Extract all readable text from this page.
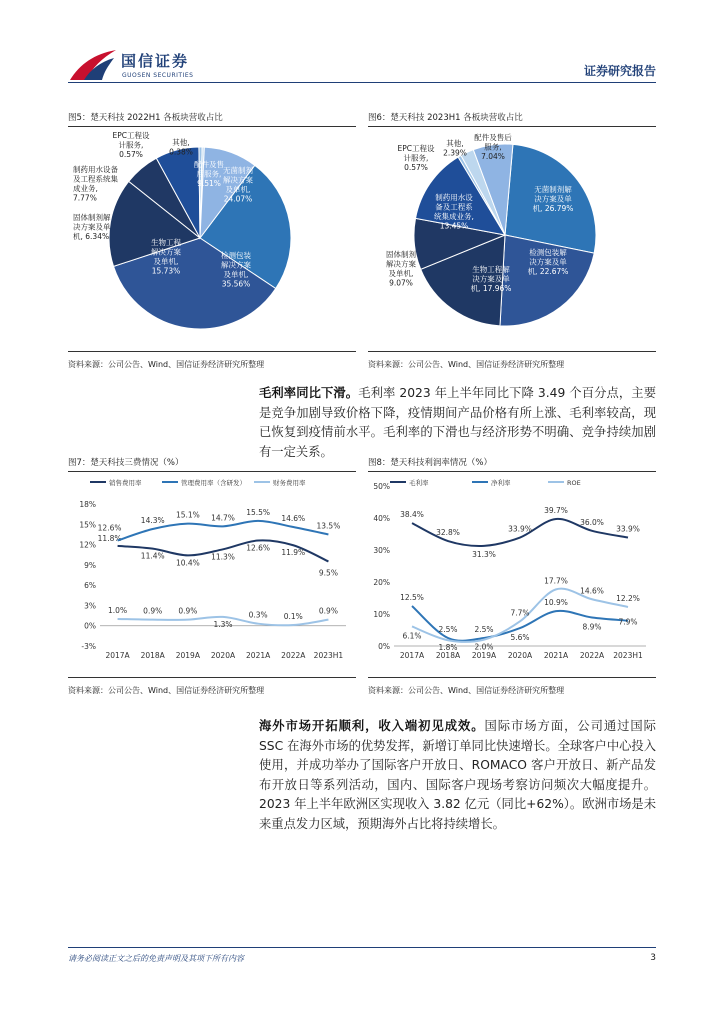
国信证券
GUOSEN SECURITIES	证券研究报告
图5：楚天科技 2022H1 各板块营收占比	图6：楚天科技 2023H1 各板块营收占比
无菌制剂解决方案及单机, 24.07%
检测包装解决方案及单机, 35.56%
生物工程解决方案及单机, 15.73%
固体制剂解决方案及单机, 6.34%
制药用水设备及工程系统集成业务, 7.77%
EPC工程设计服务, 0.57%
其他, 0.38%
配件及售后服务, 9.51%
无菌制剂解决方案及单机, 26.79%
检测包装解决方案及单机, 22.67%
生物工程解决方案及单机, 17.96%
固体制剂解决方案及单机, 9.07%
制药用水设备及工程系统集成业务, 13.45%
EPC工程设计服务, 0.57%
其他, 2.39%
配件及售后服务, 7.04%
资料来源：公司公告、Wind、国信证券经济研究所整理	资料来源：公司公告、Wind、国信证券经济研究所整理
毛利率同比下滑。毛利率 2023 年上半年同比下降 3.49 个百分点，主要是竞争加剧导致价格下降，疫情期间产品价格有所上涨、毛利率较高，现已恢复到疫情前水平。毛利率的下滑也与经济形势不明确、竞争持续加剧有一定关系。
图7：楚天科技三费情况（%）	图8：楚天科技利润率情况（%）
18%
15%
12%
9%
6%
3%
0%
-3%
2017A 2018A 2019A 2020A 2021A 2022A 2023H1
销售费用率	管理费用率（含研发）	财务费用率
11.8%
11.4%
10.4%
11.3%
12.6%
11.9%
9.5%
12.6%
14.3%
15.1% 14.7%
15.5%
14.6%
13.5%
1.0% 0.9% 0.9%
1.3%
0.3% 0.1%
0.9%
50%
40%
30%
20%
10%
0%
2017A 2018A 2019A 2020A 2021A 2022A 2023H1
毛利率	净利率	ROE
38.4%
32.8%
31.3%
33.9%
39.7%
36.0%
33.9%
12.5%
2.5% 2.5%
5.6%
10.9%
8.9%
7.9%
6.1%
1.8% 2.0%
7.7%
17.7%
14.6%
12.2%
资料来源：公司公告、Wind、国信证券经济研究所整理	资料来源：公司公告、Wind、国信证券经济研究所整理
海外市场开拓顺利，收入端初见成效。国际市场方面，公司通过国际 SSC 在海外市场的优势发挥，新增订单同比快速增长。全球客户中心投入使用，并成功举办了国际客户开放日、ROMACO 客户开放日、新产品发布开放日等系列活动，国内、国际客户现场考察访问频次大幅度提升。2023 年上半年欧洲区实现收入 3.82 亿元（同比+62%）。欧洲市场是未来重点发力区域，预期海外占比将持续增长。
请务必阅读正文之后的免责声明及其项下所有内容	3
